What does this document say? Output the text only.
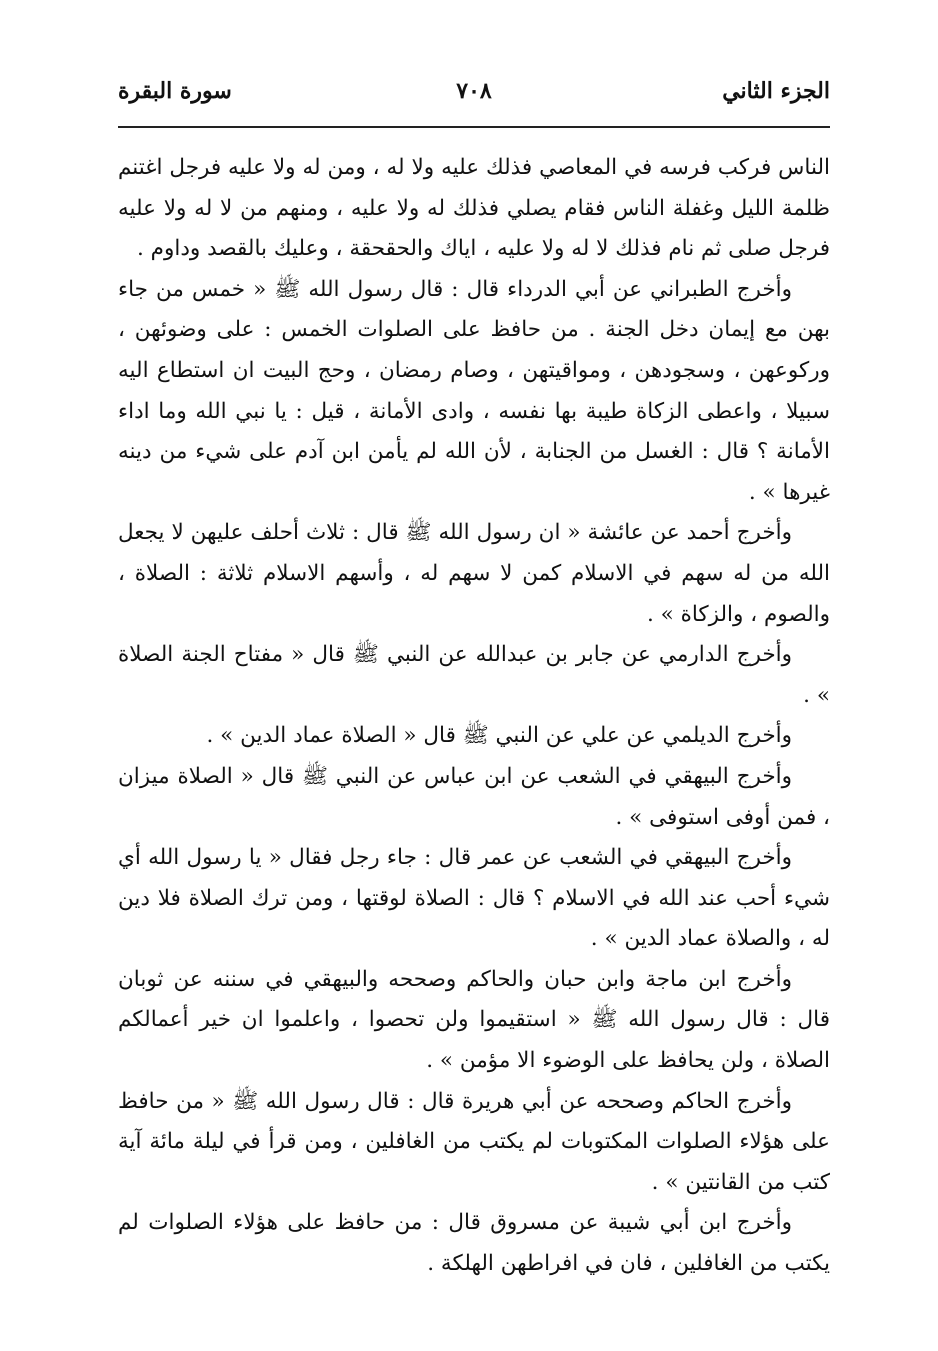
الجزء الثاني
٧٠٨
سورة البقرة

الناس فركب فرسه في المعاصي فذلك عليه ولا له ، ومن له ولا عليه فرجل اغتنم ظلمة الليل وغفلة الناس فقام يصلي فذلك له ولا عليه ، ومنهم من لا له ولا عليه فرجل صلى ثم نام فذلك لا له ولا عليه ، اياك والحقحقة ، وعليك بالقصد وداوم .

وأخرج الطبراني عن أبي الدرداء قال : قال رسول الله ﷺ « خمس من جاء بهن مع إيمان دخل الجنة . من حافظ على الصلوات الخمس : على وضوئهن ، وركوعهن ، وسجودهن ، ومواقيتهن ، وصام رمضان ، وحج البيت ان استطاع اليه سبيلا ، واعطى الزكاة طيبة بها نفسه ، وادى الأمانة ، قيل : يا نبي الله وما اداء الأمانة ؟ قال : الغسل من الجنابة ، لأن الله لم يأمن ابن آدم على شيء من دينه غيرها » .

وأخرج أحمد عن عائشة « ان رسول الله ﷺ قال : ثلاث أحلف عليهن لا يجعل الله من له سهم في الاسلام كمن لا سهم له ، وأسهم الاسلام ثلاثة : الصلاة ، والصوم ، والزكاة » .

وأخرج الدارمي عن جابر بن عبدالله عن النبي ﷺ قال « مفتاح الجنة الصلاة » .

وأخرج الديلمي عن علي عن النبي ﷺ قال « الصلاة عماد الدين » .

وأخرج البيهقي في الشعب عن ابن عباس عن النبي ﷺ قال « الصلاة ميزان ، فمن أوفى استوفى » .

وأخرج البيهقي في الشعب عن عمر قال : جاء رجل فقال « يا رسول الله أي شيء أحب عند الله في الاسلام ؟ قال : الصلاة لوقتها ، ومن ترك الصلاة فلا دين له ، والصلاة عماد الدين » .

وأخرج ابن ماجة وابن حبان والحاكم وصححه والبيهقي في سننه عن ثوبان قال : قال رسول الله ﷺ « استقيموا ولن تحصوا ، واعلموا ان خير أعمالكم الصلاة ، ولن يحافظ على الوضوء الا مؤمن » .

وأخرج الحاكم وصححه عن أبي هريرة قال : قال رسول الله ﷺ « من حافظ على هؤلاء الصلوات المكتوبات لم يكتب من الغافلين ، ومن قرأ في ليلة مائة آية كتب من القانتين » .

وأخرج ابن أبي شيبة عن مسروق قال : من حافظ على هؤلاء الصلوات لم يكتب من الغافلين ، فان في افراطهن الهلكة .
